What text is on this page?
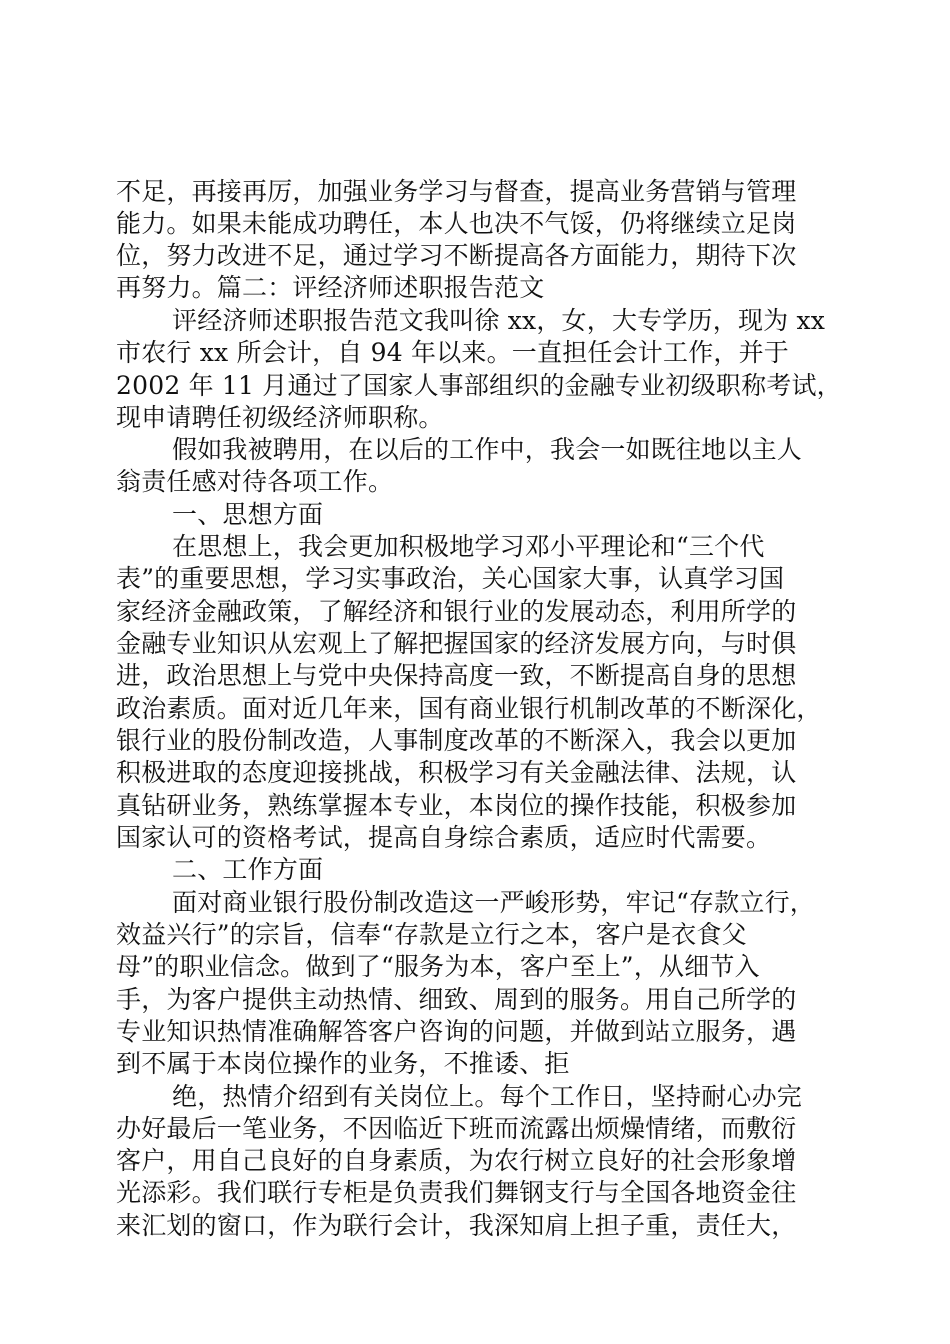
不足，再接再厉，加强业务学习与督查，提高业务营销与管理
能力。如果未能成功聘任，本人也决不气馁，仍将继续立足岗
位，努力改进不足，通过学习不断提高各方面能力，期待下次
再努力。篇二：评经济师述职报告范文
评经济师述职报告范文我叫徐 xx，女，大专学历，现为 xx
市农行 xx 所会计，自 94 年以来。一直担任会计工作，并于
2002 年 11 月通过了国家人事部组织的金融专业初级职称考试，
现申请聘任初级经济师职称。
假如我被聘用，在以后的工作中，我会一如既往地以主人
翁责任感对待各项工作。
一、思想方面
在思想上，我会更加积极地学习邓小平理论和“三个代
表”的重要思想，学习实事政治，关心国家大事，认真学习国
家经济金融政策，了解经济和银行业的发展动态，利用所学的
金融专业知识从宏观上了解把握国家的经济发展方向，与时俱
进，政治思想上与党中央保持高度一致，不断提高自身的思想
政治素质。面对近几年来，国有商业银行机制改革的不断深化，
银行业的股份制改造，人事制度改革的不断深入，我会以更加
积极进取的态度迎接挑战，积极学习有关金融法律、法规，认
真钻研业务，熟练掌握本专业，本岗位的操作技能，积极参加
国家认可的资格考试，提高自身综合素质，适应时代需要。
二、工作方面
面对商业银行股份制改造这一严峻形势，牢记“存款立行，
效益兴行”的宗旨，信奉“存款是立行之本，客户是衣食父
母”的职业信念。做到了“服务为本，客户至上”，从细节入
手，为客户提供主动热情、细致、周到的服务。用自己所学的
专业知识热情准确解答客户咨询的问题，并做到站立服务，遇
到不属于本岗位操作的业务，不推诿、拒
绝，热情介绍到有关岗位上。每个工作日，坚持耐心办完
办好最后一笔业务，不因临近下班而流露出烦燥情绪，而敷衍
客户，用自己良好的自身素质，为农行树立良好的社会形象增
光添彩。我们联行专柜是负责我们舞钢支行与全国各地资金往
来汇划的窗口，作为联行会计，我深知肩上担子重，责任大，
